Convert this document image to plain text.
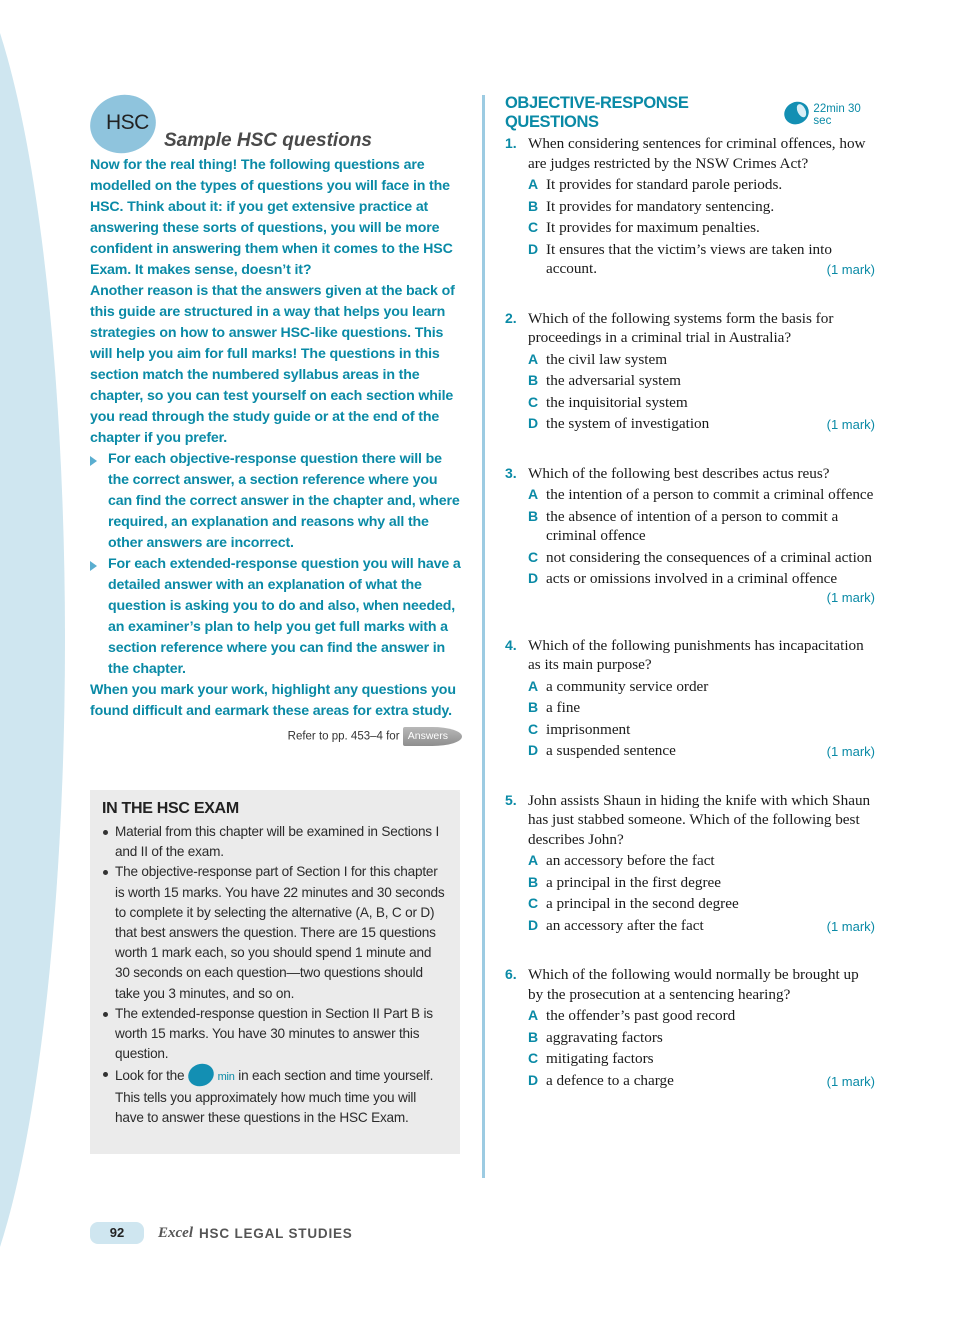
HSC
Sample HSC questions

Now for the real thing! The following questions are modelled on the types of questions you will face in the HSC. Think about it: if you get extensive practice at answering these sorts of questions, you will be more confident in answering them when it comes to the HSC Exam. It makes sense, doesn’t it?

Another reason is that the answers given at the back of this guide are structured in a way that helps you learn strategies on how to answer HSC-like questions. This will help you aim for full marks! The questions in this section match the numbered syllabus areas in the chapter, so you can test yourself on each section while you read through the study guide or at the end of the chapter if you prefer.

For each objective-response question there will be the correct answer, a section reference where you can find the correct answer in the chapter and, where required, an explanation and reasons why all the other answers are incorrect.
For each extended-response question you will have a detailed answer with an explanation of what the question is asking you to do and also, when needed, an examiner’s plan to help you get full marks with a section reference where you can find the answer in the chapter.

When you mark your work, highlight any questions you found difficult and earmark these areas for extra study.

Refer to pp. 453–4 for Answers
IN THE HSC EXAM
Material from this chapter will be examined in Sections I and II of the exam.
The objective-response part of Section I for this chapter is worth 15 marks. You have 22 minutes and 30 seconds to complete it by selecting the alternative (A, B, C or D) that best answers the question. There are 15 questions worth 1 mark each, so you should spend 1 minute and 30 seconds on each question—two questions should take you 3 minutes, and so on.
The extended-response question in Section II Part B is worth 15 marks. You have 30 minutes to answer this question.
Look for the	min in each section and time yourself. This tells you approximately how much time you will have to answer these questions in the HSC Exam.
OBJECTIVE-RESPONSE QUESTIONS
22min 30 sec
1. When considering sentences for criminal offences, how are judges restricted by the NSW Crimes Act?
A It provides for standard parole periods.
B It provides for mandatory sentencing.
C It provides for maximum penalties.
D It ensures that the victim’s views are taken into account.	(1 mark)
2. Which of the following systems form the basis for proceedings in a criminal trial in Australia?
A the civil law system
B the adversarial system
C the inquisitorial system
D the system of investigation	(1 mark)
3. Which of the following best describes actus reus?
A the intention of a person to commit a criminal offence
B the absence of intention of a person to commit a criminal offence
C not considering the consequences of a criminal action
D acts or omissions involved in a criminal offence
(1 mark)
4. Which of the following punishments has incapacitation as its main purpose?
A a community service order
B a fine
C imprisonment
D a suspended sentence	(1 mark)
5. John assists Shaun in hiding the knife with which Shaun has just stabbed someone. Which of the following best describes John?
A an accessory before the fact
B a principal in the first degree
C a principal in the second degree
D an accessory after the fact	(1 mark)
6. Which of the following would normally be brought up by the prosecution at a sentencing hearing?
A the offender’s past good record
B aggravating factors
C mitigating factors
D a defence to a charge	(1 mark)
92	Excel HSC LEGAL STUDIES
